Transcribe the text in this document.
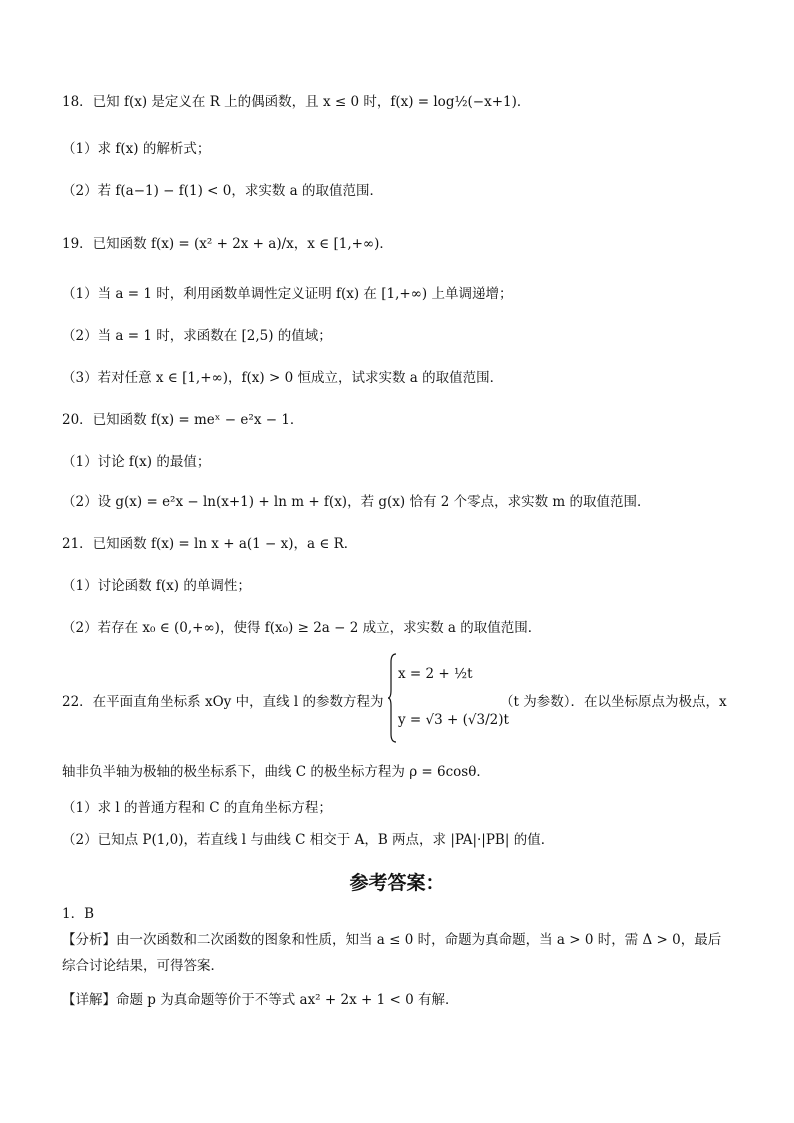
18．已知 f(x) 是定义在 R 上的偶函数，且 x ≤ 0 时，f(x) = log½(−x+1)．
（1）求 f(x) 的解析式；
（2）若 f(a−1) − f(1) < 0，求实数 a 的取值范围．
19．已知函数 f(x) = (x² + 2x + a)/x，x ∈ [1,+∞)．
（1）当 a = 1 时，利用函数单调性定义证明 f(x) 在 [1,+∞) 上单调递增；
（2）当 a = 1 时，求函数在 [2,5) 的值域；
（3）若对任意 x ∈ [1,+∞)，f(x) > 0 恒成立，试求实数 a 的取值范围．
20．已知函数 f(x) = meˣ − e²x − 1．
（1）讨论 f(x) 的最值；
（2）设 g(x) = e²x − ln(x+1) + ln m + f(x)，若 g(x) 恰有 2 个零点，求实数 m 的取值范围．
21．已知函数 f(x) = ln x + a(1 − x)，a ∈ R．
（1）讨论函数 f(x) 的单调性；
（2）若存在 x₀ ∈ (0,+∞)，使得 f(x₀) ≥ 2a − 2 成立，求实数 a 的取值范围．
22．在平面直角坐标系 xOy 中，直线 l 的参数方程为
x = 2 + ½t
y = √3 + (√3/2)t
（t 为参数）．在以坐标原点为极点，x
轴非负半轴为极轴的极坐标系下，曲线 C 的极坐标方程为 ρ = 6cosθ．
（1）求 l 的普通方程和 C 的直角坐标方程；
（2）已知点 P(1,0)，若直线 l 与曲线 C 相交于 A，B 两点，求 |PA|·|PB| 的值．
参考答案：
1．B
【分析】由一次函数和二次函数的图象和性质，知当 a ≤ 0 时，命题为真命题，当 a > 0 时，需 Δ > 0，最后
综合讨论结果，可得答案．
【详解】命题 p 为真命题等价于不等式 ax² + 2x + 1 < 0 有解．
